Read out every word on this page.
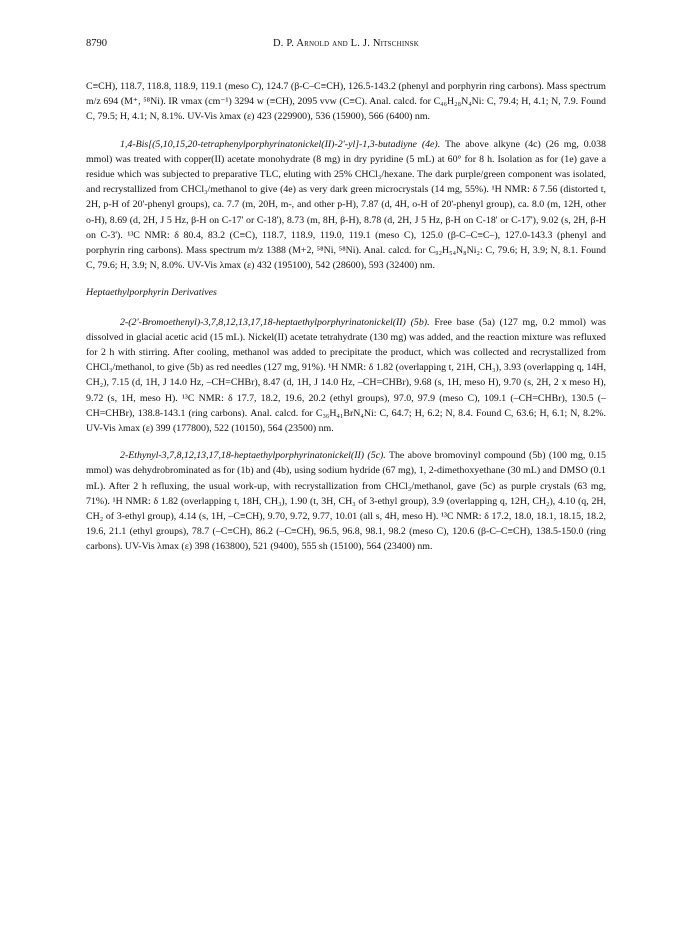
8790	D. P. Arnold and L. J. Nitschinsk

C≡CH), 118.7, 118.8, 118.9, 119.1 (meso C), 124.7 (β-C–C≡CH), 126.5-143.2 (phenyl and porphyrin ring carbons). Mass spectrum m/z 694 (M⁺, ⁵⁸Ni). IR νmax (cm⁻¹) 3294 w (≡CH), 2095 vvw (C≡C). Anal. calcd. for C₄₆H₂₈N₄Ni: C, 79.4; H, 4.1; N, 7.9. Found C, 79.5; H, 4.1; N, 8.1%. UV-Vis λmax (ε) 423 (229900), 536 (15900), 566 (6400) nm.

1,4-Bis[(5,10,15,20-tetraphenylporphyrinatonickel(II)-2'-yl]-1,3-butadiyne (4e). The above alkyne (4c) (26 mg, 0.038 mmol) was treated with copper(II) acetate monohydrate (8 mg) in dry pyridine (5 mL) at 60° for 8 h. Isolation as for (1e) gave a residue which was subjected to preparative TLC, eluting with 25% CHCl₃/hexane. The dark purple/green component was isolated, and recrystallized from CHCl₃/methanol to give (4e) as very dark green microcrystals (14 mg, 55%). ¹H NMR: δ 7.56 (distorted t, 2H, p-H of 20'-phenyl groups), ca. 7.7 (m, 20H, m-, and other p-H), 7.87 (d, 4H, o-H of 20'-phenyl group), ca. 8.0 (m, 12H, other o-H), 8.69 (d, 2H, J 5 Hz, β-H on C-17' or C-18'), 8.73 (m, 8H, β-H), 8.78 (d, 2H, J 5 Hz, β-H on C-18' or C-17'), 9.02 (s, 2H, β-H on C-3'). ¹³C NMR: δ 80.4, 83.2 (C≡C), 118.7, 118.9, 119.0, 119.1 (meso C), 125.0 (β-C–C≡C–), 127.0-143.3 (phenyl and porphyrin ring carbons). Mass spectrum m/z 1388 (M+2, ⁵⁸Ni, ⁵⁸Ni). Anal. calcd. for C₉₂H₅₄N₈Ni₂: C, 79.6; H, 3.9; N, 8.1. Found C, 79.6; H, 3.9; N, 8.0%. UV-Vis λmax (ε) 432 (195100), 542 (28600), 593 (32400) nm.

Heptaethylporphyrin Derivatives

2-(2'-Bromoethenyl)-3,7,8,12,13,17,18-heptaethylporphyrinatonickel(II) (5b). Free base (5a) (127 mg, 0.2 mmol) was dissolved in glacial acetic acid (15 mL). Nickel(II) acetate tetrahydrate (130 mg) was added, and the reaction mixture was refluxed for 2 h with stirring. After cooling, methanol was added to precipitate the product, which was collected and recrystallized from CHCl₃/methanol, to give (5b) as red needles (127 mg, 91%). ¹H NMR: δ 1.82 (overlapping t, 21H, CH₃), 3.93 (overlapping q, 14H, CH₂), 7.15 (d, 1H, J 14.0 Hz, –CH=CHBr), 8.47 (d, 1H, J 14.0 Hz, –CH=CHBr), 9.68 (s, 1H, meso H), 9.70 (s, 2H, 2 x meso H), 9.72 (s, 1H, meso H). ¹³C NMR: δ 17.7, 18.2, 19.6, 20.2 (ethyl groups), 97.0, 97.9 (meso C), 109.1 (–CH=CHBr), 130.5 (–CH=CHBr), 138.8-143.1 (ring carbons). Anal. calcd. for C₃₆H₄₁BrN₄Ni: C, 64.7; H, 6.2; N, 8.4. Found C, 63.6; H, 6.1; N, 8.2%. UV-Vis λmax (ε) 399 (177800), 522 (10150), 564 (23500) nm.

2-Ethynyl-3,7,8,12,13,17,18-heptaethylporphyrinatonickel(II) (5c). The above bromovinyl compound (5b) (100 mg, 0.15 mmol) was dehydrobrominated as for (1b) and (4b), using sodium hydride (67 mg), 1, 2-dimethoxyethane (30 mL) and DMSO (0.1 mL). After 2 h refluxing, the usual work-up, with recrystallization from CHCl₃/methanol, gave (5c) as purple crystals (63 mg, 71%). ¹H NMR: δ 1.82 (overlapping t, 18H, CH₃), 1.90 (t, 3H, CH₃ of 3-ethyl group), 3.9 (overlapping q, 12H, CH₂), 4.10 (q, 2H, CH₂ of 3-ethyl group), 4.14 (s, 1H, –C≡CH), 9.70, 9.72, 9.77, 10.01 (all s, 4H, meso H). ¹³C NMR: δ 17.2, 18.0, 18.1, 18.15, 18.2, 19.6, 21.1 (ethyl groups), 78.7 (–C≡CH), 86.2 (–C≡CH), 96.5, 96.8, 98.1, 98.2 (meso C), 120.6 (β-C–C≡CH), 138.5-150.0 (ring carbons). UV-Vis λmax (ε) 398 (163800), 521 (9400), 555 sh (15100), 564 (23400) nm.
